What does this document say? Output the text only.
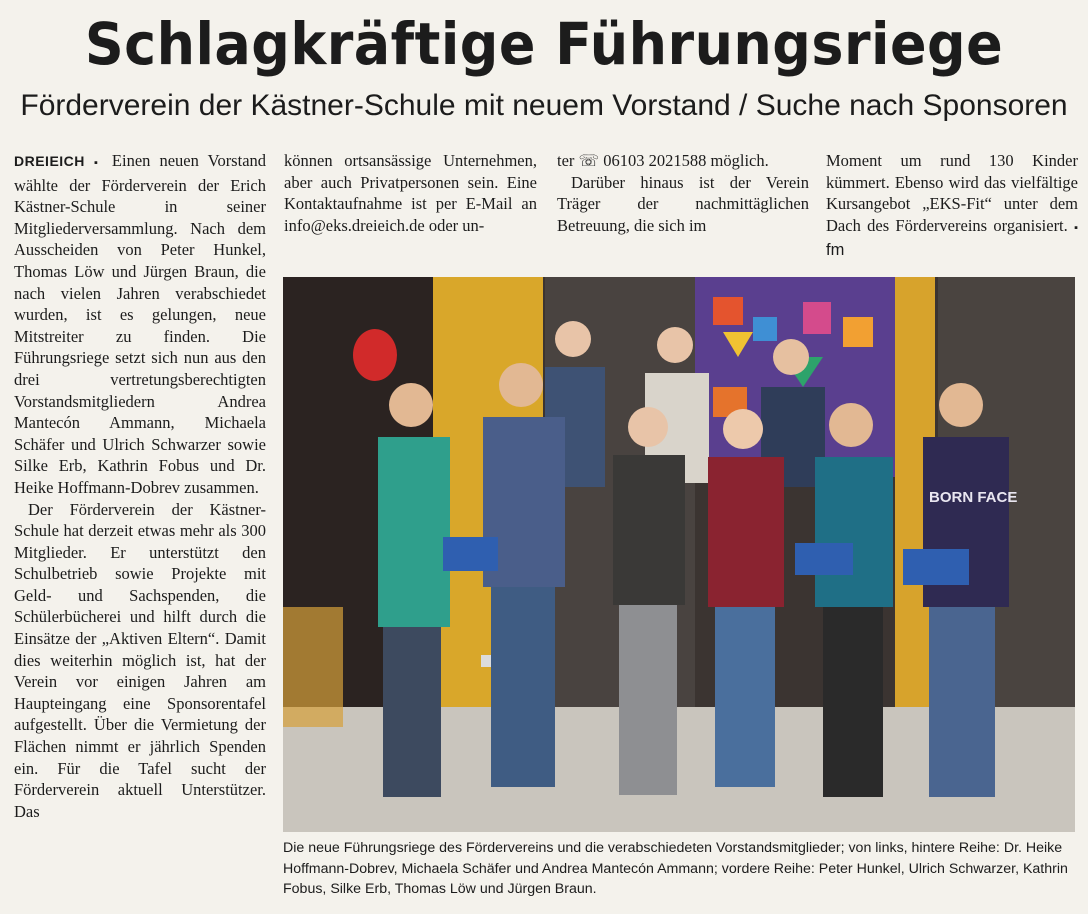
Schlagkräftige Führungsriege
Förderverein der Kästner-Schule mit neuem Vorstand / Suche nach Sponsoren

DREIEICH ▪ Einen neuen Vorstand wählte der Förderverein der Erich Kästner-Schule in seiner Mitgliederversammlung. Nach dem Ausscheiden von Peter Hunkel, Thomas Löw und Jürgen Braun, die nach vielen Jahren verabschiedet wurden, ist es gelungen, neue Mitstreiter zu finden. Die Führungsriege setzt sich nun aus den drei vertretungsberechtigten Vorstandsmitgliedern Andrea Mantecón Ammann, Michaela Schäfer und Ulrich Schwarzer sowie Silke Erb, Kathrin Fobus und Dr. Heike Hoffmann-Dobrev zusammen.

Der Förderverein der Kästner-Schule hat derzeit etwas mehr als 300 Mitglieder. Er unterstützt den Schulbetrieb sowie Projekte mit Geld- und Sachspenden, die Schülerbücherei und hilft durch die Einsätze der „Aktiven Eltern“. Damit dies weiterhin möglich ist, hat der Verein vor einigen Jahren am Haupteingang eine Sponsorentafel aufgestellt. Über die Vermietung der Flächen nimmt er jährlich Spenden ein. Für die Tafel sucht der Förderverein aktuell Unterstützer. Das

können ortsansässige Unternehmen, aber auch Privatpersonen sein. Eine Kontaktaufnahme ist per E-Mail an info@eks.dreieich.de oder un-

ter ☏ 06103 2021588 möglich.

Darüber hinaus ist der Verein Träger der nachmittäglichen Betreuung, die sich im

Moment um rund 130 Kinder kümmert. Ebenso wird das vielfältige Kursangebot „EKS-Fit“ unter dem Dach des Fördervereins organisiert. ▪ fm

BORN FACE

Die neue Führungsriege des Fördervereins und die verabschiedeten Vorstandsmitglieder; von links, hintere Reihe: Dr. Heike Hoffmann-Dobrev, Michaela Schäfer und Andrea Mantecón Ammann; vordere Reihe: Peter Hunkel, Ulrich Schwarzer, Kathrin Fobus, Silke Erb, Thomas Löw und Jürgen Braun.
